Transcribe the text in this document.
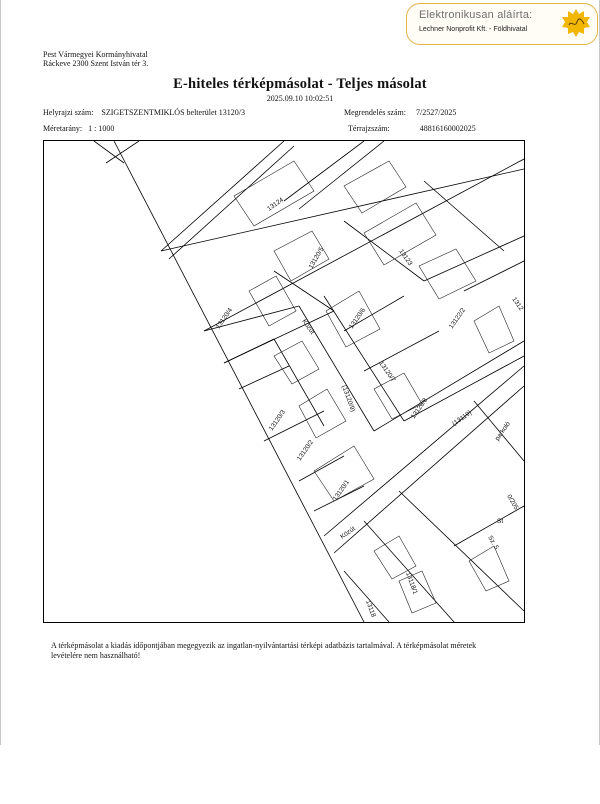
Elektronikusan aláírta:
Lechner Nonprofit Kft. - Földhivatal
Pest Vármegyei Kormányhivatal
Ráckeve 2300 Szent István tér 3.
E-hiteles térképmásolat - Teljes másolat
2025.09.10 10:02:51
Helyrajzi szám: SZIGETSZENTMIKLÓS belterület 13120/3	Megrendelés szám: 7/2527/2025
Méretarány: 1 : 1000	Térrajzszám:	48816160002025
13124
13123
13120/5
13120/4	13120/6	13122/2
1312
Közút
13120/7
(13120/9)
13120/3
13120/8	(13119)
13120/2
parkoló
13120/1
Közút
13118/1
13118
0/205
St
Sz. 5
A térképmásolat a kiadás időpontjában megegyezik az ingatlan-nyilvántartási térképi adatbázis tartalmával. A térképmásolat méretek levételére nem használható!
